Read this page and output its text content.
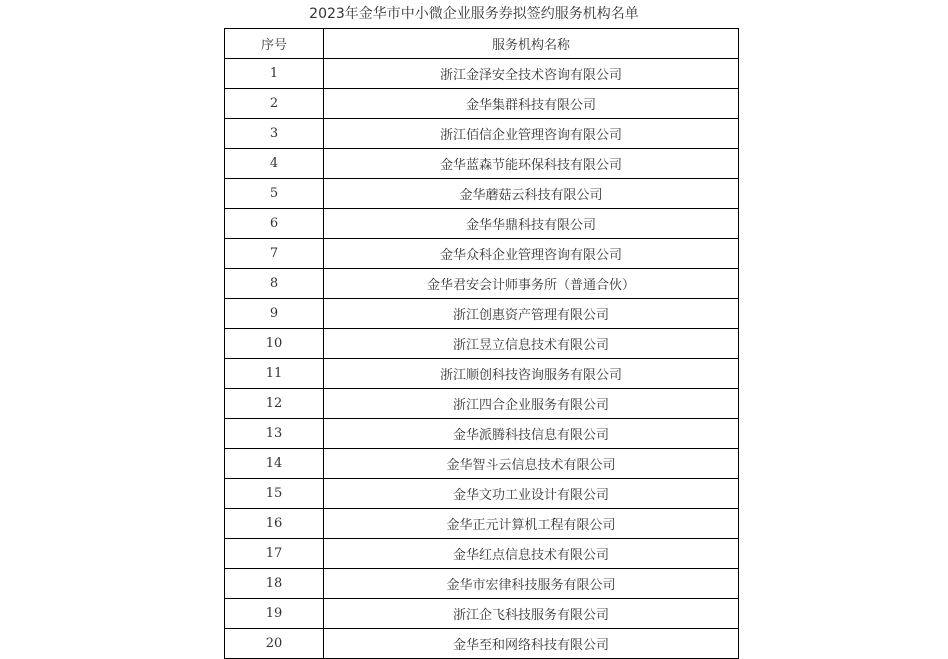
2023年金华市中小微企业服务券拟签约服务机构名单
序号	服务机构名称
1	浙江金泽安全技术咨询有限公司
2	金华集群科技有限公司
3	浙江佰信企业管理咨询有限公司
4	金华蓝森节能环保科技有限公司
5	金华蘑菇云科技有限公司
6	金华华鼎科技有限公司
7	金华众科企业管理咨询有限公司
8	金华君安会计师事务所（普通合伙）
9	浙江创惠资产管理有限公司
10	浙江昱立信息技术有限公司
11	浙江顺创科技咨询服务有限公司
12	浙江四合企业服务有限公司
13	金华派腾科技信息有限公司
14	金华智斗云信息技术有限公司
15	金华文功工业设计有限公司
16	金华正元计算机工程有限公司
17	金华红点信息技术有限公司
18	金华市宏律科技服务有限公司
19	浙江企飞科技服务有限公司
20	金华至和网络科技有限公司
